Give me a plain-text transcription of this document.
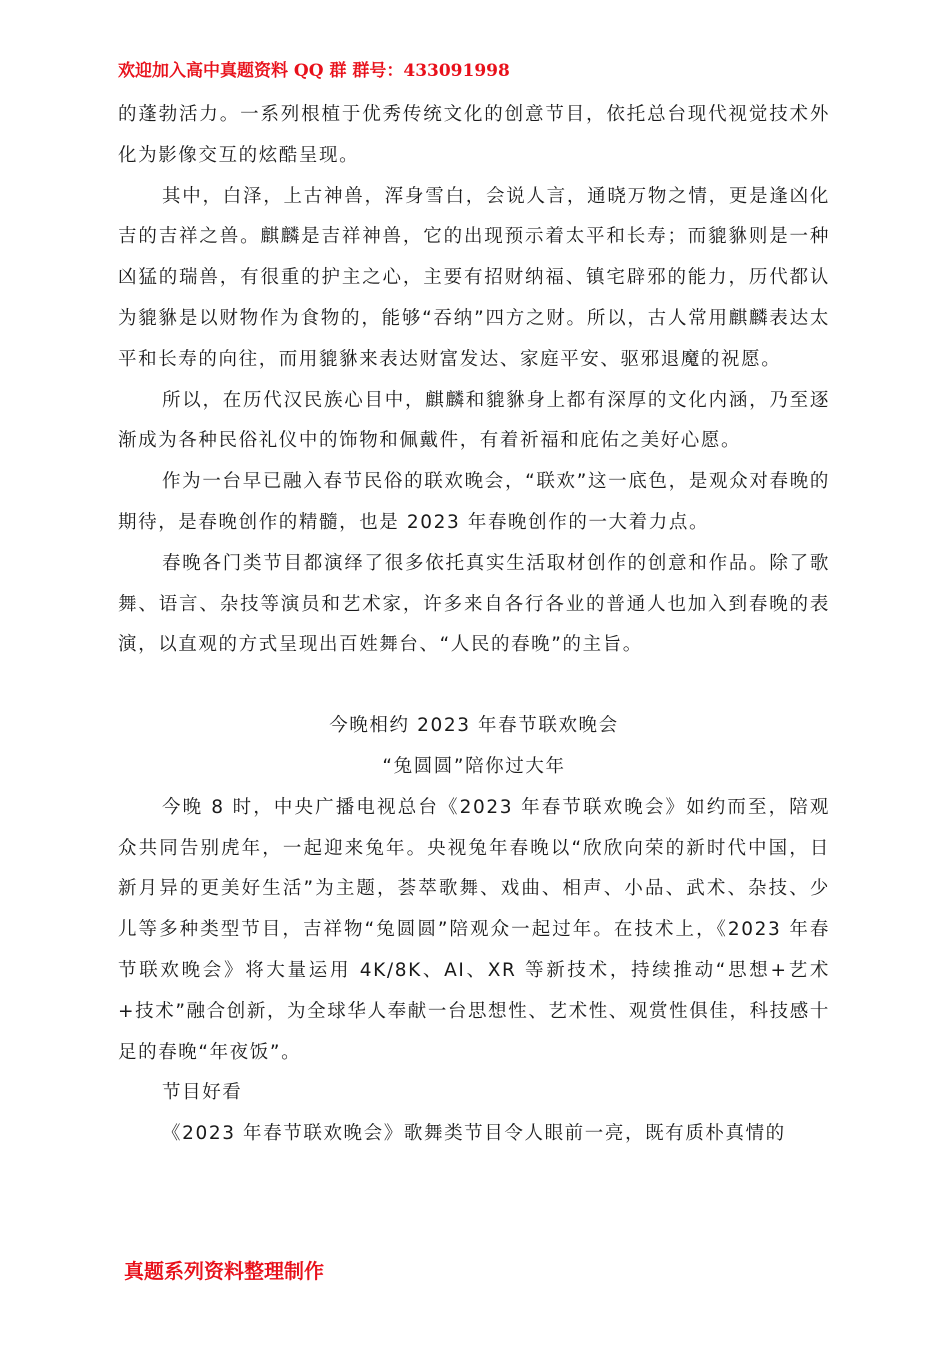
欢迎加入高中真题资料 QQ 群 群号：433091998

的蓬勃活力。一系列根植于优秀传统文化的创意节目，依托总台现代视觉技术外化为影像交互的炫酷呈现。

其中，白泽，上古神兽，浑身雪白，会说人言，通晓万物之情，更是逢凶化吉的吉祥之兽。麒麟是吉祥神兽，它的出现预示着太平和长寿；而貔貅则是一种凶猛的瑞兽，有很重的护主之心，主要有招财纳福、镇宅辟邪的能力，历代都认为貔貅是以财物作为食物的，能够“吞纳”四方之财。所以，古人常用麒麟表达太平和长寿的向往，而用貔貅来表达财富发达、家庭平安、驱邪退魔的祝愿。

所以，在历代汉民族心目中，麒麟和貔貅身上都有深厚的文化内涵，乃至逐渐成为各种民俗礼仪中的饰物和佩戴件，有着祈福和庇佑之美好心愿。

作为一台早已融入春节民俗的联欢晚会，“联欢”这一底色，是观众对春晚的期待，是春晚创作的精髓，也是 2023 年春晚创作的一大着力点。

春晚各门类节目都演绎了很多依托真实生活取材创作的创意和作品。除了歌舞、语言、杂技等演员和艺术家，许多来自各行各业的普通人也加入到春晚的表演，以直观的方式呈现出百姓舞台、“人民的春晚”的主旨。

今晚相约 2023 年春节联欢晚会

“兔圆圆”陪你过大年

今晚 8 时，中央广播电视总台《2023 年春节联欢晚会》如约而至，陪观众共同告别虎年，一起迎来兔年。央视兔年春晚以“欣欣向荣的新时代中国，日新月异的更美好生活”为主题，荟萃歌舞、戏曲、相声、小品、武术、杂技、少儿等多种类型节目，吉祥物“兔圆圆”陪观众一起过年。在技术上，《2023 年春节联欢晚会》将大量运用 4K/8K、AI、XR 等新技术，持续推动“思想+艺术+技术”融合创新，为全球华人奉献一台思想性、艺术性、观赏性俱佳，科技感十足的春晚“年夜饭”。

节目好看

《2023 年春节联欢晚会》歌舞类节目令人眼前一亮，既有质朴真情的

真题系列资料整理制作
